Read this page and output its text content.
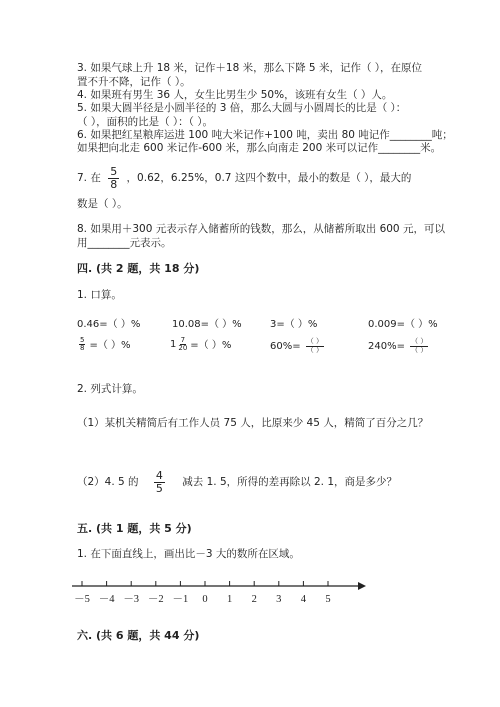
3. 如果气球上升 18 米，记作＋18 米，那么下降 5 米，记作（ ），在原位
置不升不降，记作（ ）。
4. 如果班有男生 36 人，女生比男生少 50%，该班有女生（ ）人。
5. 如果大圆半径是小圆半径的 3 倍，那么大圆与小圆周长的比是（ ）：
（ ），面积的比是（ ）：（ ）。
6. 如果把红星粮库运进 100 吨大米记作+100 吨，卖出 80 吨记作________吨；
如果把向北走 600 米记作-600 米，那么向南走 200 米可以记作________米。
7. 在 $\frac{5}{8}$ ，0.62，6.25%，0.7 这四个数中，最小的数是（ ），最大的
数是（ ）。
8. 如果用＋300 元表示存入储蓄所的钱数，那么，从储蓄所取出 600 元，可以
用________元表示。
四. (共 2 题，共 18 分)
1. 口算。
0.46=（ ）%	10.08=（ ）%	3=（ ）%	0.009=（ ）%
$\frac{5}{8}$ =（ ）%	$1 \frac{7}{20}$ =（ ）%	$60\%= \frac{( )}{( )}$	$240\%= \frac{( )}{( )}$
2. 列式计算。
（1）某机关精简后有工作人员 75 人，比原来少 45 人，精简了百分之几？
（2）4. 5 的 $\frac{4}{5}$ 减去 1. 5，所得的差再除以 2. 1，商是多少？
五. (共 1 题，共 5 分)
1. 在下面直线上，画出比－3 大的数所在区域。
－5 －4 －3 －2 －1 0 1 2 3 4 5
六. (共 6 题，共 44 分)
